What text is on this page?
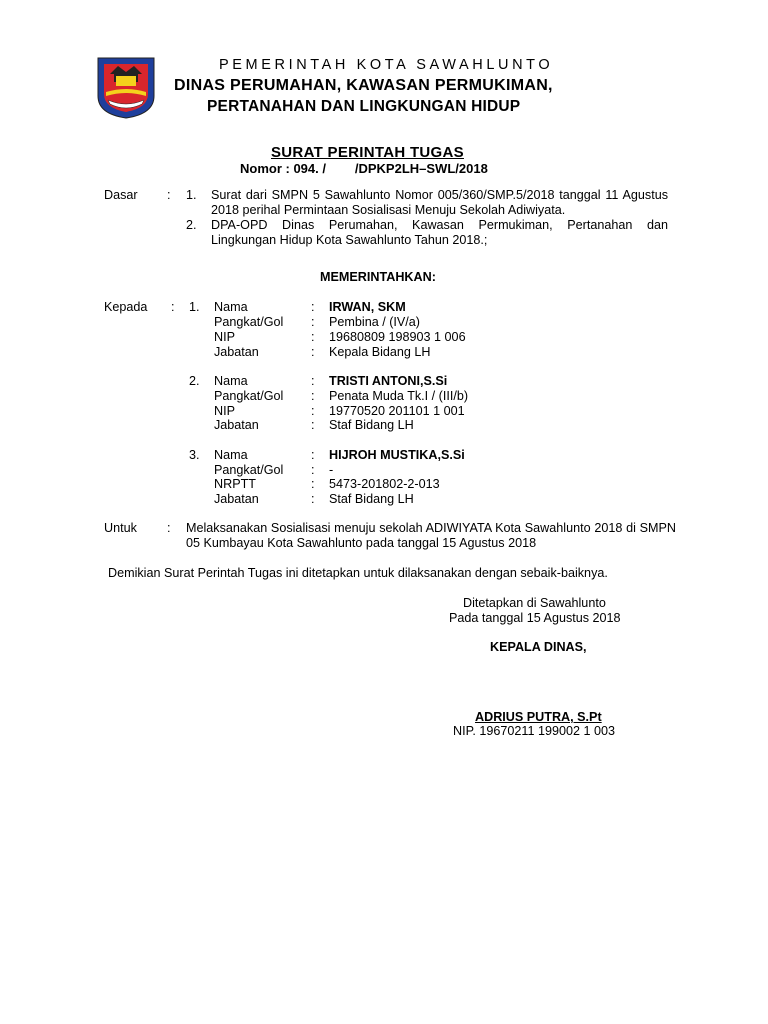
PEMERINTAH KOTA SAWAHLUNTO
DINAS PERUMAHAN, KAWASAN PERMUKIMAN,
PERTANAHAN DAN LINGKUNGAN HIDUP
SURAT PERINTAH TUGAS
Nomor : 094. /        /DPKP2LH–SWL/2018
Dasar : 1. Surat dari SMPN 5 Sawahlunto Nomor 005/360/SMP.5/2018 tanggal 11 Agustus 2018 perihal Permintaan Sosialisasi Menuju Sekolah Adiwiyata.
2. DPA-OPD Dinas Perumahan, Kawasan Permukiman, Pertanahan dan Lingkungan Hidup Kota Sawahlunto Tahun 2018.;
MEMERINTAHKAN:
Kepada : 1. Nama	: IRWAN, SKM
Pangkat/Gol : Pembina / (IV/a)
NIP	: 19680809 198903 1 006
Jabatan	: Kepala Bidang LH
2. Nama	: TRISTI ANTONI,S.Si
Pangkat/Gol : Penata Muda Tk.I / (III/b)
NIP	: 19770520 201101 1 001
Jabatan	: Staf Bidang LH
3. Nama	: HIJROH MUSTIKA,S.Si
Pangkat/Gol : -
NRPTT	: 5473-201802-2-013
Jabatan	: Staf Bidang LH
Untuk : Melaksanakan Sosialisasi menuju sekolah ADIWIYATA Kota Sawahlunto 2018 di SMPN 05 Kumbayau Kota Sawahlunto pada tanggal 15 Agustus 2018
Demikian Surat Perintah Tugas ini ditetapkan untuk dilaksanakan dengan sebaik-baiknya.
Ditetapkan di Sawahlunto
Pada tanggal 15 Agustus 2018
KEPALA DINAS,
ADRIUS PUTRA, S.Pt
NIP. 19670211 199002 1 003
